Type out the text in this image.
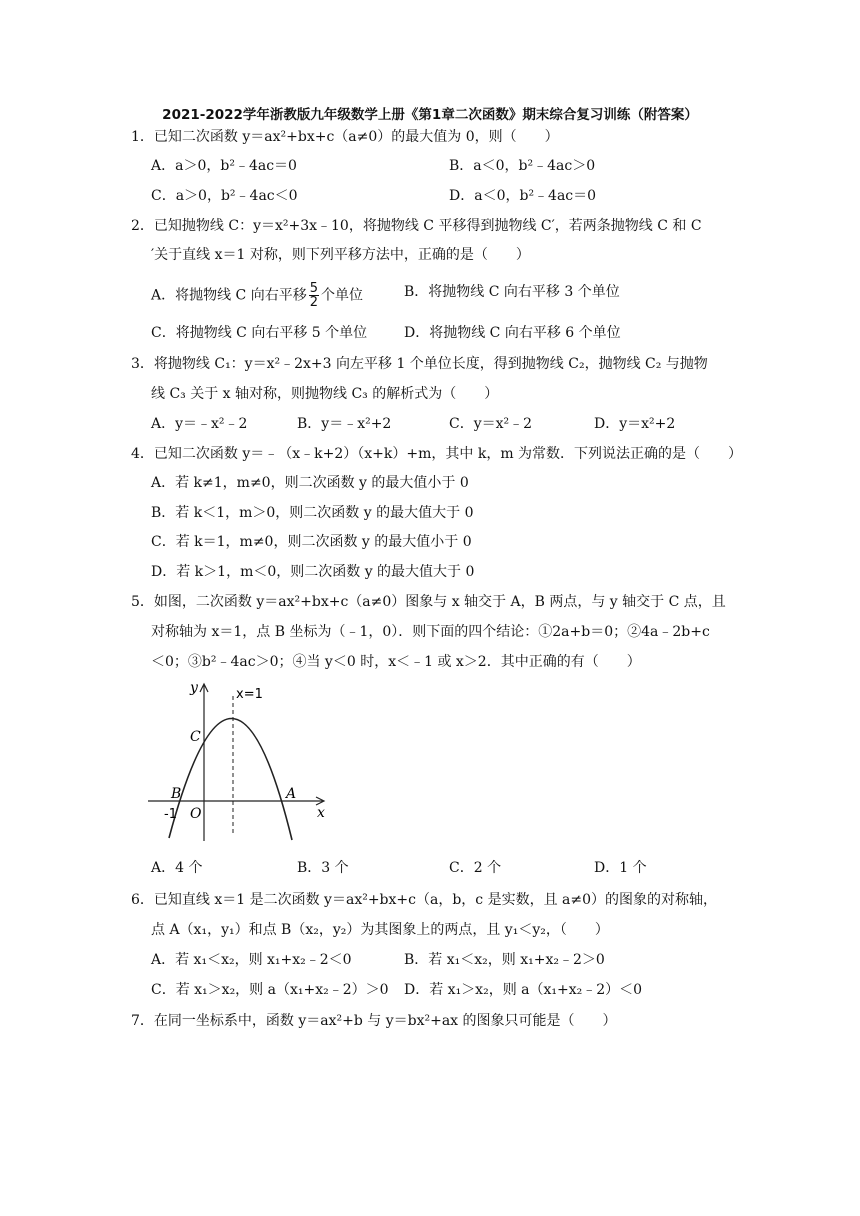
2021-2022学年浙教版九年级数学上册《第1章二次函数》期末综合复习训练（附答案）
1．已知二次函数 y＝ax²+bx+c（a≠0）的最大值为 0，则（　　）
A．a＞0，b²﹣4ac＝0	B．a＜0，b²﹣4ac＞0
C．a＞0，b²﹣4ac＜0	D．a＜0，b²﹣4ac＝0
2．已知抛物线 C：y＝x²+3x﹣10，将抛物线 C 平移得到抛物线 C′，若两条抛物线 C 和 C
′关于直线 x＝1 对称，则下列平移方法中，正确的是（　　）
A．将抛物线 C 向右平移 $\frac{5}{2}$ 个单位	B．将抛物线 C 向右平移 3 个单位
C．将抛物线 C 向右平移 5 个单位	D．将抛物线 C 向右平移 6 个单位
3．将抛物线 C₁：y＝x²﹣2x+3 向左平移 1 个单位长度，得到抛物线 C₂，抛物线 C₂ 与抛物
线 C₃ 关于 x 轴对称，则抛物线 C₃ 的解析式为（　　）
A．y＝﹣x²﹣2	B．y＝﹣x²+2	C．y＝x²﹣2	D．y＝x²+2
4．已知二次函数 y＝﹣（x﹣k+2）（x+k）+m，其中 k，m 为常数．下列说法正确的是（　　）
A．若 k≠1，m≠0，则二次函数 y 的最大值小于 0
B．若 k＜1，m＞0，则二次函数 y 的最大值大于 0
C．若 k＝1，m≠0，则二次函数 y 的最大值小于 0
D．若 k＞1，m＜0，则二次函数 y 的最大值大于 0
5．如图，二次函数 y＝ax²+bx+c（a≠0）图象与 x 轴交于 A，B 两点，与 y 轴交于 C 点，且
对称轴为 x＝1，点 B 坐标为（﹣1，0）．则下面的四个结论：①2a+b＝0；②4a﹣2b+c
＜0；③b²﹣4ac＞0；④当 y＜0 时，x＜﹣1 或 x＞2．其中正确的有（　　）
y
x
x=1
C
B	A
O
-1
A．4 个	B．3 个	C．2 个	D．1 个
6．已知直线 x＝1 是二次函数 y＝ax²+bx+c（a，b，c 是实数，且 a≠0）的图象的对称轴，
点 A（x₁，y₁）和点 B（x₂，y₂）为其图象上的两点，且 y₁＜y₂，（　　）
A．若 x₁＜x₂，则 x₁+x₂﹣2＜0	B．若 x₁＜x₂，则 x₁+x₂﹣2＞0
C．若 x₁＞x₂，则 a（x₁+x₂﹣2）＞0 D．若 x₁＞x₂，则 a（x₁+x₂﹣2）＜0
7．在同一坐标系中，函数 y＝ax²+b 与 y＝bx²+ax 的图象只可能是（　　）
